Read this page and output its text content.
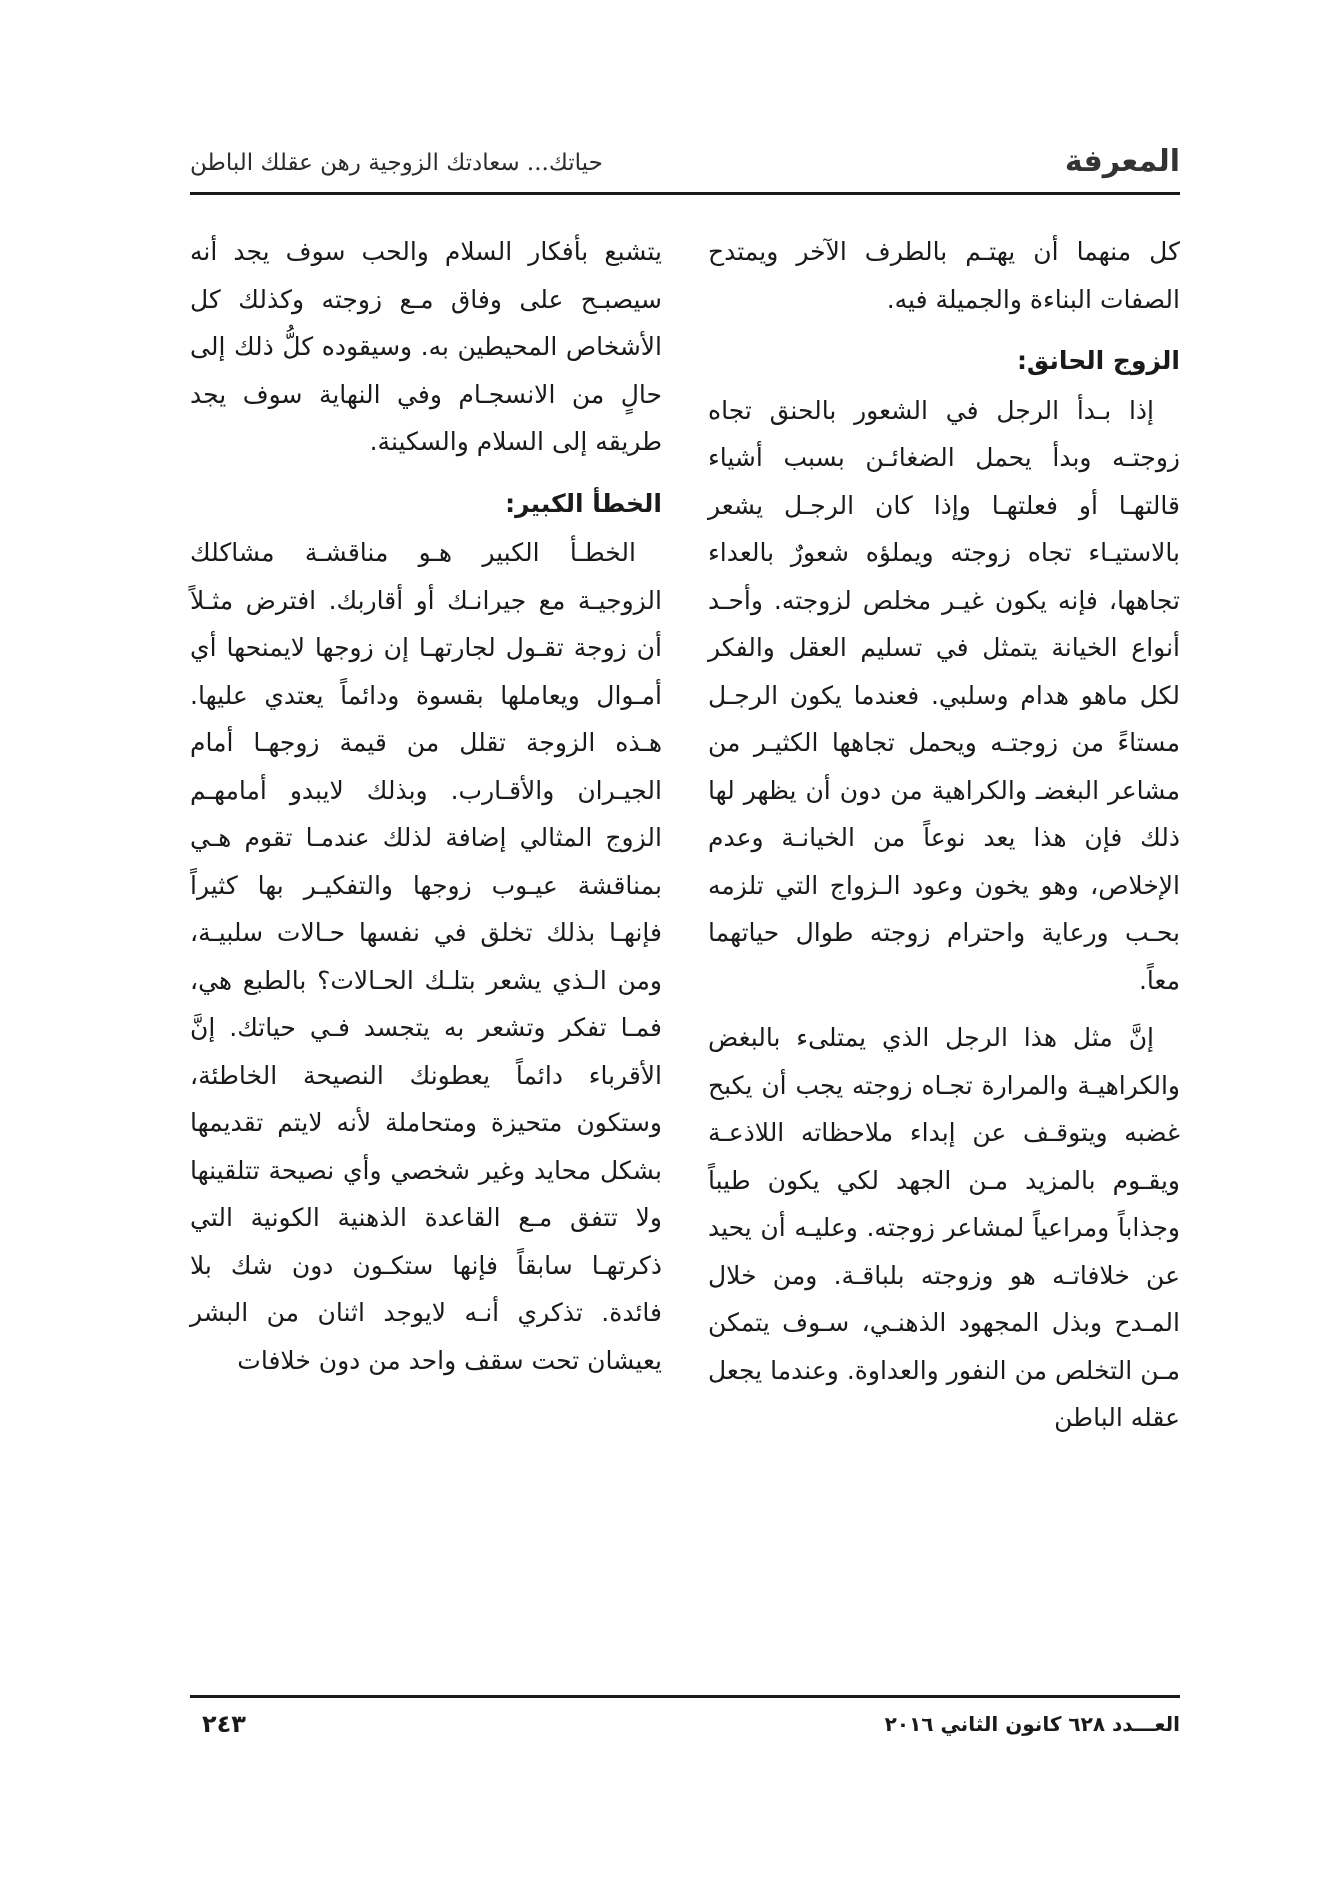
المعرفة
حياتك... سعادتك الزوجية رهن عقلك الباطن

كل منهما أن يهتـم بالطرف الآخر ويمتدح الصفات البناءة والجميلة فيه.

الزوج الحانق:

إذا بـدأ الرجل في الشعور بالحنق تجاه زوجتـه وبدأ يحمل الضغائـن بسبب أشياء قالتهـا أو فعلتهـا وإذا كان الرجـل يشعر بالاستيـاء تجاه زوجته ويملؤه شعورٌ بالعداء تجاهها، فإنه يكون غيـر مخلص لزوجته. وأحـد أنواع الخيانة يتمثل في تسليم العقل والفكر لكل ماهو هدام وسلبي. فعندما يكون الرجـل مستاءً من زوجتـه ويحمل تجاهها الكثيـر من مشاعر البغضـ والكراهية من دون أن يظهر لها ذلك فإن هذا يعد نوعاً من الخيانـة وعدم الإخلاص، وهو يخون وعود الـزواج التي تلزمه بحـب ورعاية واحترام زوجته طوال حياتهما معاً.

إنَّ مثل هذا الرجل الذي يمتلىء بالبغض والكراهيـة والمرارة تجـاه زوجته يجب أن يكبح غضبه ويتوقـف عن إبداء ملاحظاته اللاذعـة ويقـوم بالمزيد مـن الجهد لكي يكون طيباً وجذاباً ومراعياً لمشاعر زوجته. وعليـه أن يحيد عن خلافاتـه هو وزوجته بلباقـة. ومن خلال المـدح وبذل المجهود الذهنـي، سـوف يتمكن مـن التخلص من النفور والعداوة. وعندما يجعل عقله الباطن

يتشبع بأفكار السلام والحب سوف يجد أنه سيصبـح على وفاق مـع زوجته وكذلك كل الأشخاص المحيطين به. وسيقوده كلُّ ذلك إلى حالٍ من الانسجـام وفي النهاية سوف يجد طريقه إلى السلام والسكينة.

الخطأ الكبير:

الخطـأ الكبير هـو مناقشـة مشاكلك الزوجيـة مع جيرانـك أو أقاربك. افترض مثـلاً أن زوجة تقـول لجارتهـا إن زوجها لايمنحها أي أمـوال ويعاملها بقسوة ودائماً يعتدي عليها. هـذه الزوجة تقلل من قيمة زوجهـا أمام الجيـران والأقـارب. وبذلك لايبدو أمامهـم الزوج المثالي إضافة لذلك عندمـا تقوم هـي بمناقشة عيـوب زوجها والتفكيـر بها كثيراً فإنهـا بذلك تخلق في نفسها حـالات سلبيـة، ومن الـذي يشعر بتلـك الحـالات؟ بالطبع هي، فمـا تفكر وتشعر به يتجسد فـي حياتك. إنَّ الأقرباء دائماً يعطونك النصيحة الخاطئة، وستكون متحيزة ومتحاملة لأنه لايتم تقديمها بشكل محايد وغير شخصي وأي نصيحة تتلقينها ولا تتفق مـع القاعدة الذهنية الكونية التي ذكرتهـا سابقاً فإنها ستكـون دون شك بلا فائدة. تذكري أنـه لايوجد اثنان من البشر يعيشان تحت سقف واحد من دون خلافات

العـــدد ٦٢٨ كانون الثاني ٢٠١٦
٢٤٣
